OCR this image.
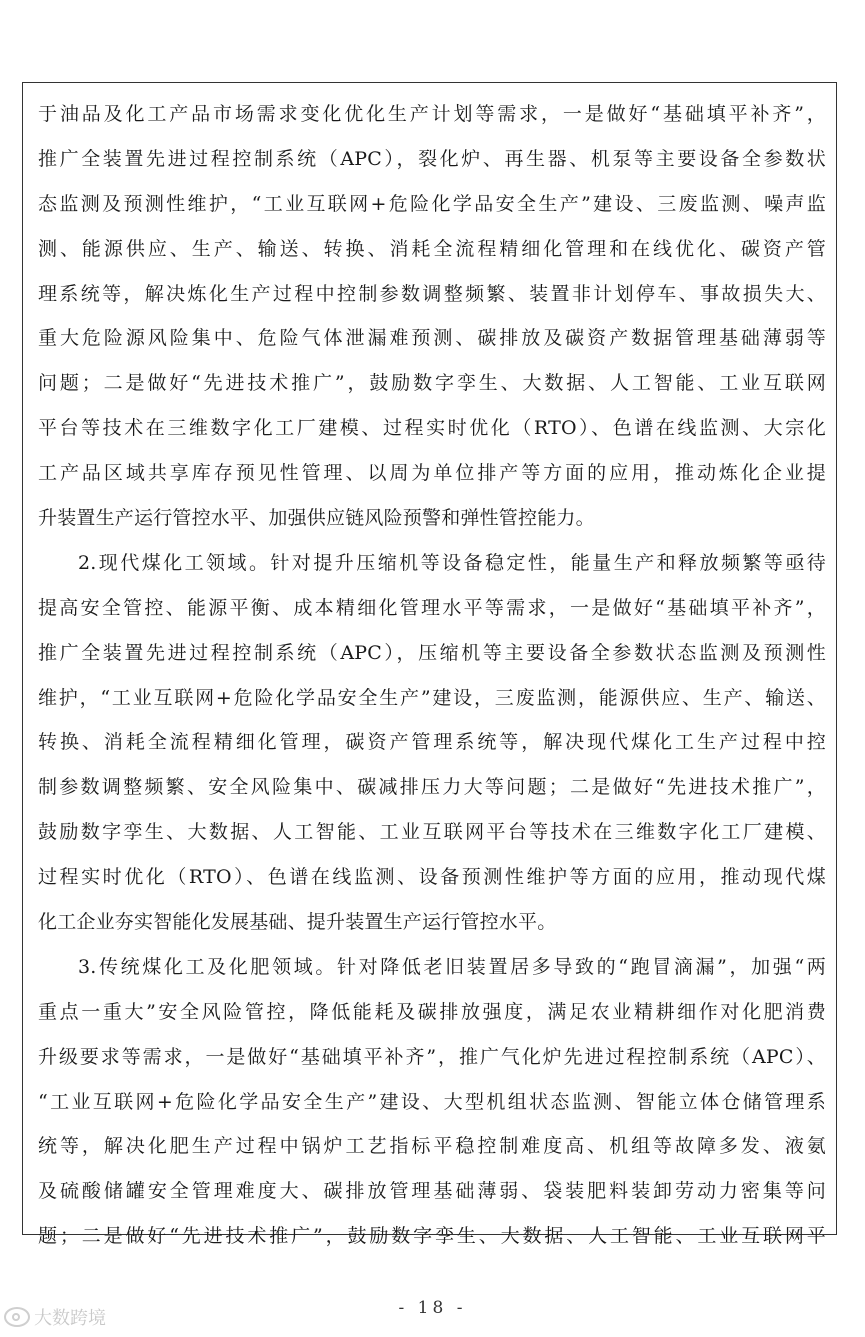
于油品及化工产品市场需求变化优化生产计划等需求，一是做好“基础填平补齐”，
推广全装置先进过程控制系统（APC），裂化炉、再生器、机泵等主要设备全参数状
态监测及预测性维护，“工业互联网+危险化学品安全生产”建设、三废监测、噪声监
测、能源供应、生产、输送、转换、消耗全流程精细化管理和在线优化、碳资产管
理系统等，解决炼化生产过程中控制参数调整频繁、装置非计划停车、事故损失大、
重大危险源风险集中、危险气体泄漏难预测、碳排放及碳资产数据管理基础薄弱等
问题；二是做好“先进技术推广”，鼓励数字孪生、大数据、人工智能、工业互联网
平台等技术在三维数字化工厂建模、过程实时优化（RTO）、色谱在线监测、大宗化
工产品区域共享库存预见性管理、以周为单位排产等方面的应用，推动炼化企业提
升装置生产运行管控水平、加强供应链风险预警和弹性管控能力。
2.现代煤化工领域。针对提升压缩机等设备稳定性，能量生产和释放频繁等亟待
提高安全管控、能源平衡、成本精细化管理水平等需求，一是做好“基础填平补齐”，
推广全装置先进过程控制系统（APC），压缩机等主要设备全参数状态监测及预测性
维护，“工业互联网+危险化学品安全生产”建设，三废监测，能源供应、生产、输送、
转换、消耗全流程精细化管理，碳资产管理系统等，解决现代煤化工生产过程中控
制参数调整频繁、安全风险集中、碳减排压力大等问题；二是做好“先进技术推广”，
鼓励数字孪生、大数据、人工智能、工业互联网平台等技术在三维数字化工厂建模、
过程实时优化（RTO）、色谱在线监测、设备预测性维护等方面的应用，推动现代煤
化工企业夯实智能化发展基础、提升装置生产运行管控水平。
3.传统煤化工及化肥领域。针对降低老旧装置居多导致的“跑冒滴漏”，加强“两
重点一重大”安全风险管控，降低能耗及碳排放强度，满足农业精耕细作对化肥消费
升级要求等需求，一是做好“基础填平补齐”，推广气化炉先进过程控制系统（APC）、
“工业互联网+危险化学品安全生产”建设、大型机组状态监测、智能立体仓储管理系
统等，解决化肥生产过程中锅炉工艺指标平稳控制难度高、机组等故障多发、液氨
及硫酸储罐安全管理难度大、碳排放管理基础薄弱、袋装肥料装卸劳动力密集等问
题；二是做好“先进技术推广”，鼓励数字孪生、大数据、人工智能、工业互联网平
- 18 -
大数跨境
